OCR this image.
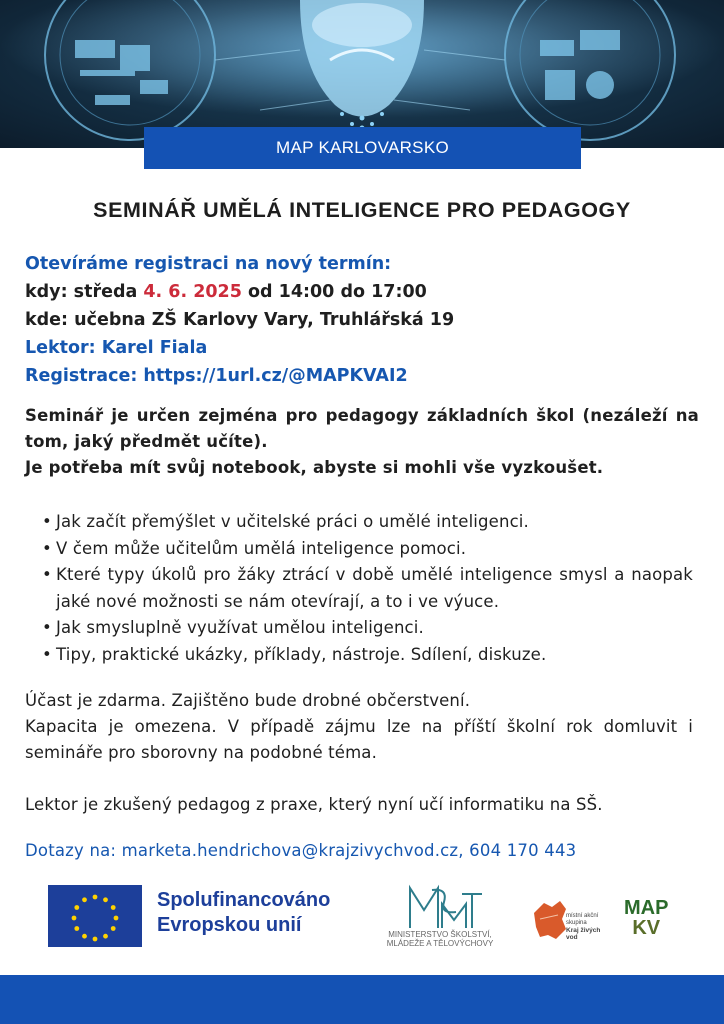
MAP KARLOVARSKO
SEMINÁŘ UMĚLÁ INTELIGENCE PRO PEDAGOGY
Otevíráme registraci na nový termín:
kdy: středa 4. 6. 2025 od 14:00 do 17:00
kde: učebna ZŠ Karlovy Vary, Truhlářská 19
Lektor: Karel Fiala
Registrace: https://1url.cz/@MAPKVAI2
Seminář je určen zejména pro pedagogy základních škol (nezáleží na tom, jaký předmět učíte).
Je potřeba mít svůj notebook, abyste si mohli vše vyzkoušet.
• Jak začít přemýšlet v učitelské práci o umělé inteligenci.
• V čem může učitelům umělá inteligence pomoci.
• Které typy úkolů pro žáky ztrácí v době umělé inteligence smysl a naopak jaké nové možnosti se nám otevírají, a to i ve výuce.
• Jak smysluplně využívat umělou inteligenci.
• Tipy, praktické ukázky, příklady, nástroje. Sdílení, diskuze.
Účast je zdarma. Zajištěno bude drobné občerstvení.
Kapacita je omezena. V případě zájmu lze na příští školní rok domluvit i semináře pro sborovny na podobné téma.
Lektor je zkušený pedagog z praxe, který nyní učí informatiku na SŠ.
Dotazy na: marketa.hendrichova@krajzivychvod.cz, 604 170 443
Spolufinancováno
Evropskou unií	MINISTERSTVO ŠKOLSTVÍ,
MLÁDEŽE A TĚLOVÝCHOVY
místní akční skupina
Kraj živých vod
MAP
KV
